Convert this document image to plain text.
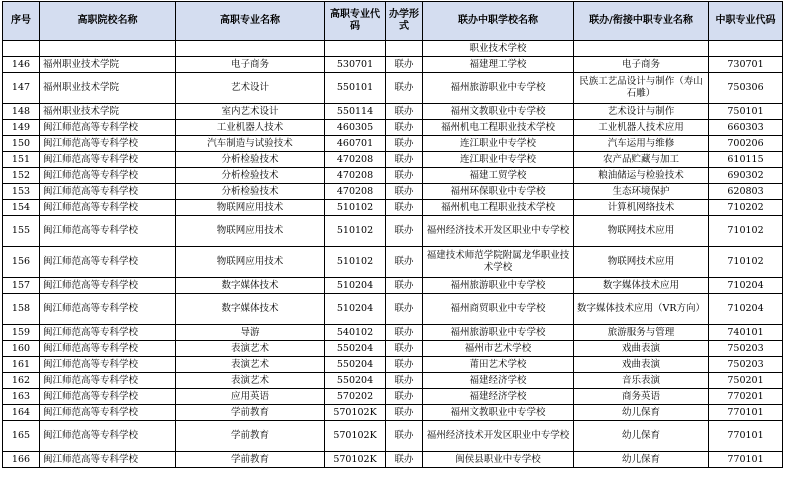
序号	高职院校名称	高职专业名称	高职专业代码	办学形式	联办中职学校名称	联办/衔接中职专业名称	中职专业代码
					职业技术学校		
146	福州职业技术学院	电子商务	530701	联办	福建理工学校	电子商务	730701
147	福州职业技术学院	艺术设计	550101	联办	福州旅游职业中专学校	民族工艺品设计与制作（寿山石雕）	750306
148	福州职业技术学院	室内艺术设计	550114	联办	福州文教职业中专学校	艺术设计与制作	750101
149	闽江师范高等专科学校	工业机器人技术	460305	联办	福州机电工程职业技术学校	工业机器人技术应用	660303
150	闽江师范高等专科学校	汽车制造与试验技术	460701	联办	连江职业中专学校	汽车运用与维修	700206
151	闽江师范高等专科学校	分析检验技术	470208	联办	连江职业中专学校	农产品贮藏与加工	610115
152	闽江师范高等专科学校	分析检验技术	470208	联办	福建工贸学校	粮油储运与检验技术	690302
153	闽江师范高等专科学校	分析检验技术	470208	联办	福州环保职业中专学校	生态环境保护	620803
154	闽江师范高等专科学校	物联网应用技术	510102	联办	福州机电工程职业技术学校	计算机网络技术	710202
155	闽江师范高等专科学校	物联网应用技术	510102	联办	福州经济技术开发区职业中专学校	物联网技术应用	710102
156	闽江师范高等专科学校	物联网应用技术	510102	联办	福建技术师范学院附属龙华职业技术学校	物联网技术应用	710102
157	闽江师范高等专科学校	数字媒体技术	510204	联办	福州旅游职业中专学校	数字媒体技术应用	710204
158	闽江师范高等专科学校	数字媒体技术	510204	联办	福州商贸职业中专学校	数字媒体技术应用（VR方向）	710204
159	闽江师范高等专科学校	导游	540102	联办	福州旅游职业中专学校	旅游服务与管理	740101
160	闽江师范高等专科学校	表演艺术	550204	联办	福州市艺术学校	戏曲表演	750203
161	闽江师范高等专科学校	表演艺术	550204	联办	莆田艺术学校	戏曲表演	750203
162	闽江师范高等专科学校	表演艺术	550204	联办	福建经济学校	音乐表演	750201
163	闽江师范高等专科学校	应用英语	570202	联办	福建经济学校	商务英语	770201
164	闽江师范高等专科学校	学前教育	570102K	联办	福州文教职业中专学校	幼儿保育	770101
165	闽江师范高等专科学校	学前教育	570102K	联办	福州经济技术开发区职业中专学校	幼儿保育	770101
166	闽江师范高等专科学校	学前教育	570102K	联办	闽侯县职业中专学校	幼儿保育	770101
